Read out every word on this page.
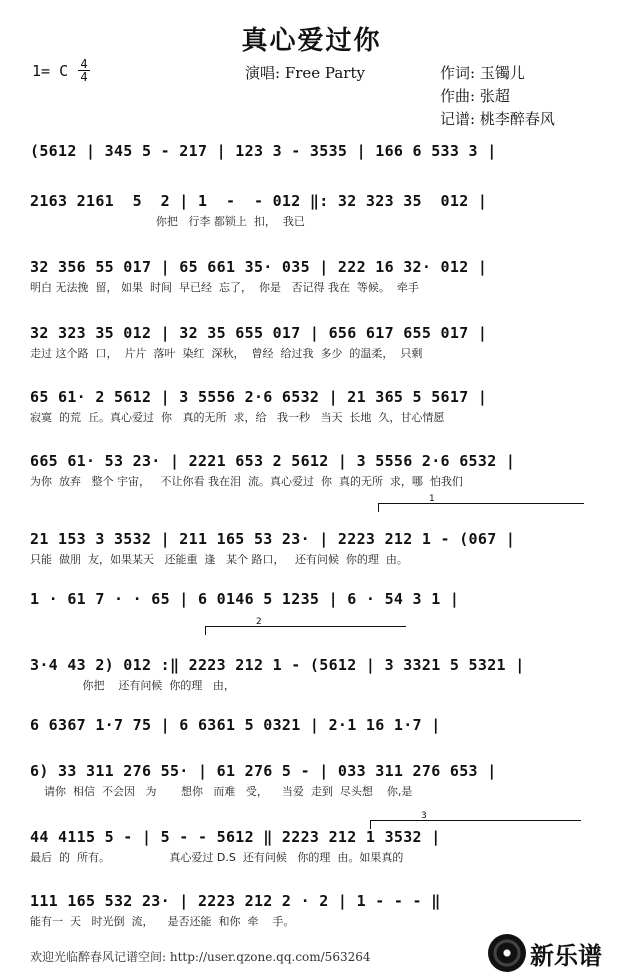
真心爱过你
1= C 4
4	演唱: Free Party	作词: 玉镯儿
作曲: 张超
记谱: 桃李醉春风
(5612 | 345 5 - 217 | 123 3 - 3535 | 166 6 533 3 |
2163 2161  5  2 | 1  -  - 012 ‖: 32 323 35  012 |
你把   行李 都锁上  扣，  我已
32 356 55 017 | 65 661 35· 035 | 222 16 32· 012 |
明白 无法挽  留， 如果  时间  早已经  忘了，  你是   否记得 我在  等候。  牵手
32 323 35 012 | 32 35 655 017 | 656 617 655 017 |
走过 这个路  口，  片片  落叶  染红  深秋，  曾经  给过我  多少  的温柔，  只剩
65 61· 2 5612 | 3 5556 2·6 6532 | 21 365 5 5617 |
寂寞  的荒  丘。真心爱过  你   真的无所  求，给   我一秒   当天  长地  久，甘心情愿
665 61· 53 23· | 2221 653 2 5612 | 3 5556 2·6 6532 |
为你  放弃   整个 宇宙，   不让你看 我在泪  流。真心爱过  你  真的无所  求，哪  怕我们
1
21 153 3 3532 | 211 165 53 23· | 2223 212 1 - (067 |
只能  做朋  友，如果某天   还能重  逢   某个 路口，   还有问候  你的理  由。
1 · 61 7 · · 65 | 6 0146 5 1235 | 6 · 54 3 1 |
2
3·4 43 2) 012 :‖ 2223 212 1 - (5612 | 3 3321 5 5321 |
你把    还有问候  你的理   由，
6 6367 1·7 75 | 6 6361 5 0321 | 2·1 16 1·7 |
6) 33 311 276 55· | 61 276 5 - | 033 311 276 653 |
请你  相信  不会因   为       想你   而难   受，    当爱  走到  尽头想    你,是
3
44 4115 5 - | 5 - - 5612 ‖ 2223 212 1 3532 |
最后  的  所有。                 真心爱过 D.S  还有问候   你的理  由。如果真的
111 165 532 23· | 2223 212 2 · 2 | 1 - - - ‖
能有一  天   时光倒  流，    是否还能  和你  牵    手。
欢迎光临醉春风记谱空间: http://user.qzone.qq.com/563264	新乐谱
